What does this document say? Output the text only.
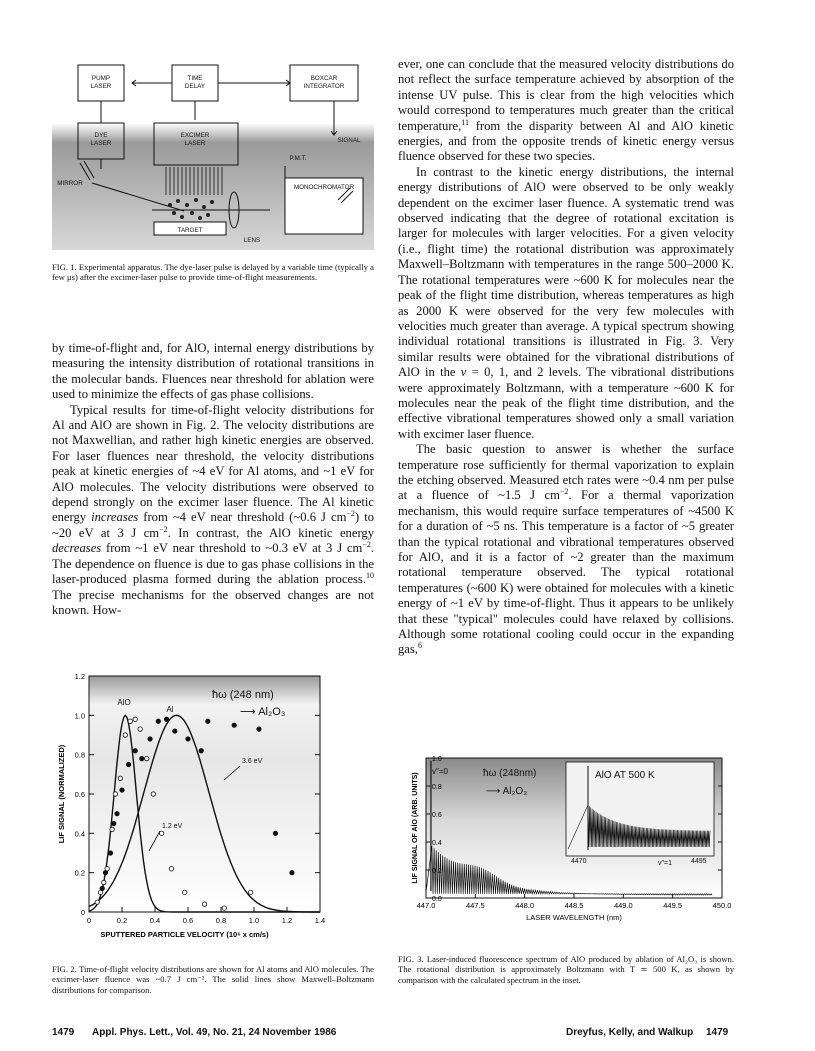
PUMP
LASER
TIME
DELAY
BOXCAR
INTEGRATOR
DYE
LASER
EXCIMER
LASER	SIGNAL
P.M.T.
MIRROR
MONOCHROMATOR
TARGET
LENS
FIG. 1. Experimental apparatus. The dye-laser pulse is delayed by a variable time (typically a few μs) after the excimer-laser pulse to provide time-of-flight measurements.

by time-of-flight and, for AlO, internal energy distributions by measuring the intensity distribution of rotational transitions in the molecular bands. Fluences near threshold for ablation were used to minimize the effects of gas phase collisions.

Typical results for time-of-flight velocity distributions for Al and AlO are shown in Fig. 2. The velocity distributions are not Maxwellian, and rather high kinetic energies are observed. For laser fluences near threshold, the velocity distributions peak at kinetic energies of ~4 eV for Al atoms, and ~1 eV for AlO molecules. The velocity distributions were observed to depend strongly on the excimer laser fluence. The Al kinetic energy increases from ~4 eV near threshold (~0.6 J $cm^{-2}$) to ~20 eV at 3 J $cm^{-2}$. In contrast, the AlO kinetic energy decreases from ~1 eV near threshold to ~0.3 eV at 3 J $cm^{-2}$. The dependence on fluence is due to gas phase collisions in the laser-produced plasma formed during the ablation process.$^{10}$ The precise mechanisms for the observed changes are not known. How-

0	0.2	0.4	0.6	0.8	1.0	1.2	1.4
0
0.2
0.4
0.6
0.8
1.0
1.2
SPUTTERED PARTICLE VELOCITY (10⁶ x cm/s)
LIF SIGNAL (NORMALIZED)
AlO
Al
ħω (248 nm)
⟶ Al₂O₃
3.6 eV
1.2 eV
FIG. 2. Time-of-flight velocity distributions are shown for Al atoms and AlO molecules. The excimer-laser fluence was ~0.7 J cm⁻². The solid lines show Maxwell–Boltzmann distributions for comparison.

ever, one can conclude that the measured velocity distributions do not reflect the surface temperature achieved by absorption of the intense UV pulse. This is clear from the high velocities which would correspond to temperatures much greater than the critical temperature,$^{11}$ from the disparity between Al and AlO kinetic energies, and from the opposite trends of kinetic energy versus fluence observed for these two species.

In contrast to the kinetic energy distributions, the internal energy distributions of AlO were observed to be only weakly dependent on the excimer laser fluence. A systematic trend was observed indicating that the degree of rotational excitation is larger for molecules with larger velocities. For a given velocity (i.e., flight time) the rotational distribution was approximately Maxwell–Boltzmann with temperatures in the range 500–2000 K. The rotational temperatures were ~600 K for molecules near the peak of the flight time distribution, whereas temperatures as high as 2000 K were observed for the very few molecules with velocities much greater than average. A typical spectrum showing individual rotational transitions is illustrated in Fig. 3. Very similar results were obtained for the vibrational distributions of AlO in the v = 0, 1, and 2 levels. The vibrational distributions were approximately Boltzmann, with a temperature ~600 K for molecules near the peak of the flight time distribution, and the effective vibrational temperatures showed only a small variation with excimer laser fluence.

The basic question to answer is whether the surface temperature rose sufficiently for thermal vaporization to explain the etching observed. Measured etch rates were ~0.4 nm per pulse at a fluence of ~1.5 J $cm^{-2}$. For a thermal vaporization mechanism, this would require surface temperatures of ~4500 K for a duration of ~5 ns. This temperature is a factor of ~5 greater than the typical rotational and vibrational temperatures observed for AlO, and it is a factor of ~2 greater than the maximum rotational temperature observed. The typical rotational temperatures (~600 K) were obtained for molecules with a kinetic energy of ~1 eV by time-of-flight. Thus it appears to be unlikely that these "typical" molecules could have relaxed by collisions. Although some rotational cooling could occur in the expanding gas,$^6$

447.0	447.5	448.0	448.5	449.0	449.5	450.0
0.0
0.2
0.4
0.6
0.8
1.0
LASER WAVELENGTH (nm)
LIF SIGNAL OF AlO (ARB. UNITS)
v″=0	ħω (248nm)
⟶ Al₂O₃
AlO AT 500 K
4470	4495
v″=1
FIG. 3. Laser-induced fluorescence spectrum of AlO produced by ablation of Al₂O₃ is shown. The rotational distribution is approximately Boltzmann with T ≃ 500 K, as shown by comparison with the calculated spectrum in the inset.
1479 Appl. Phys. Lett., Vol. 49, No. 21, 24 November 1986	Dreyfus, Kelly, and Walkup 1479
